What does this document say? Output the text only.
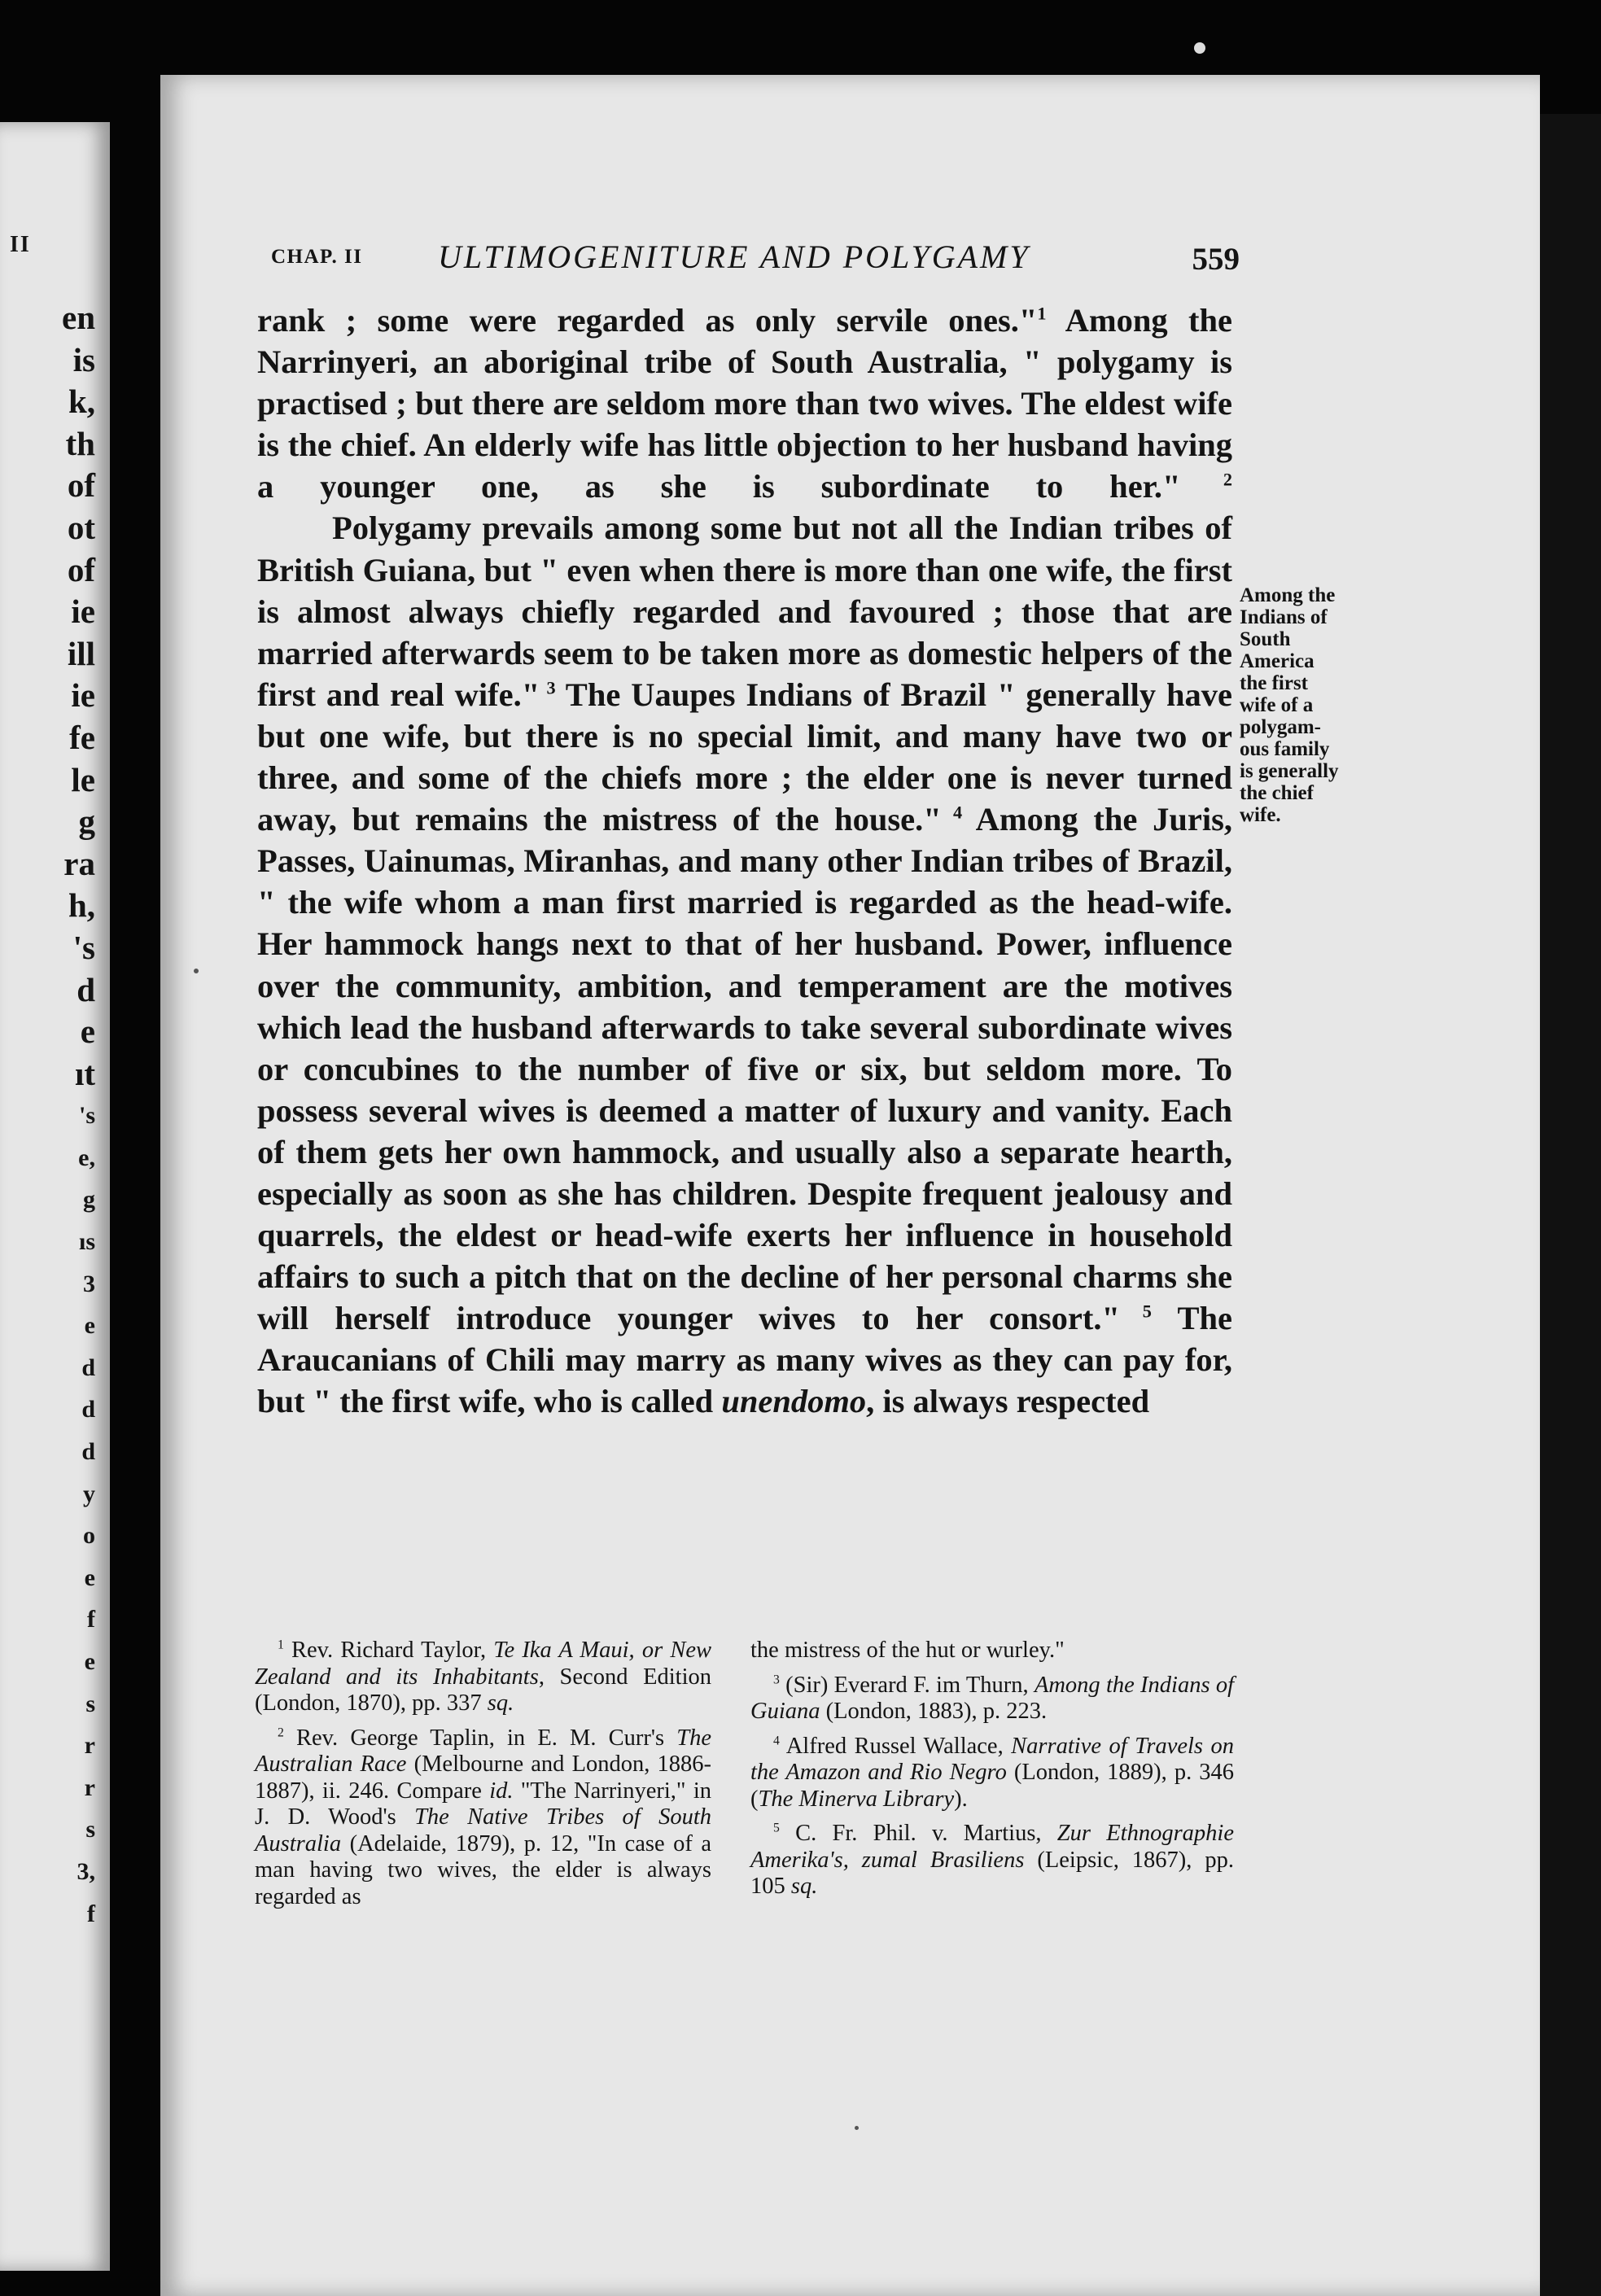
II
en
is
k,
th
of
ot
of
ie
ill
ie
fe
le
g
ra
h,
's
d
e
ıt
's
e,
g
ıs
3
e
d
d
d
y
o
e
f
e
s
r
r
s
3,
f
CHAP. II ULTIMOGENITURE AND POLYGAMY	559

rank ; some were regarded as only servile ones."$^1$ Among the Narrinyeri, an aboriginal tribe of South Australia, " polygamy is practised ; but there are seldom more than two wives. The eldest wife is the chief. An elderly wife has little objection to her husband having a younger one, as she is subordinate to her." $^2$

Polygamy prevails among some but not all the Indian tribes of British Guiana, but " even when there is more than one wife, the first is almost always chiefly regarded and favoured ; those that are married afterwards seem to be taken more as domestic helpers of the first and real wife." $^3$ The Uaupes Indians of Brazil " generally have but one wife, but there is no special limit, and many have two or three, and some of the chiefs more ; the elder one is never turned away, but remains the mistress of the house." $^4$ Among the Juris, Passes, Uainumas, Miranhas, and many other Indian tribes of Brazil, " the wife whom a man first married is regarded as the head-wife. Her hammock hangs next to that of her husband. Power, influence over the community, ambition, and temperament are the motives which lead the husband afterwards to take several subordinate wives or concubines to the number of five or six, but seldom more. To possess several wives is deemed a matter of luxury and vanity. Each of them gets her own hammock, and usually also a separate hearth, especially as soon as she has children. Despite frequent jealousy and quarrels, the eldest or head-wife exerts her influence in household affairs to such a pitch that on the decline of her personal charms she will herself introduce younger wives to her consort." $^5$ The Araucanians of Chili may marry as many wives as they can pay for, but " the first wife, who is called unendomo, is always respected

Among the
Indians of
South
America
the first
wife of a
polygam-
ous family
is generally
the chief
wife.

$^1$ Rev. Richard Taylor, Te Ika A Maui, or New Zealand and its Inhabitants, Second Edition (London, 1870), pp. 337 sq.

$^2$ Rev. George Taplin, in E. M. Curr's The Australian Race (Melbourne and London, 1886-1887), ii. 246. Compare id. "The Narrinyeri," in J. D. Wood's The Native Tribes of South Australia (Adelaide, 1879), p. 12, "In case of a man having two wives, the elder is always regarded as

the mistress of the hut or wurley."

$^3$ (Sir) Everard F. im Thurn, Among the Indians of Guiana (London, 1883), p. 223.

$^4$ Alfred Russel Wallace, Narrative of Travels on the Amazon and Rio Negro (London, 1889), p. 346 (The Minerva Library).

$^5$ C. Fr. Phil. v. Martius, Zur Ethnographie Amerika's, zumal Brasiliens (Leipsic, 1867), pp. 105 sq.
